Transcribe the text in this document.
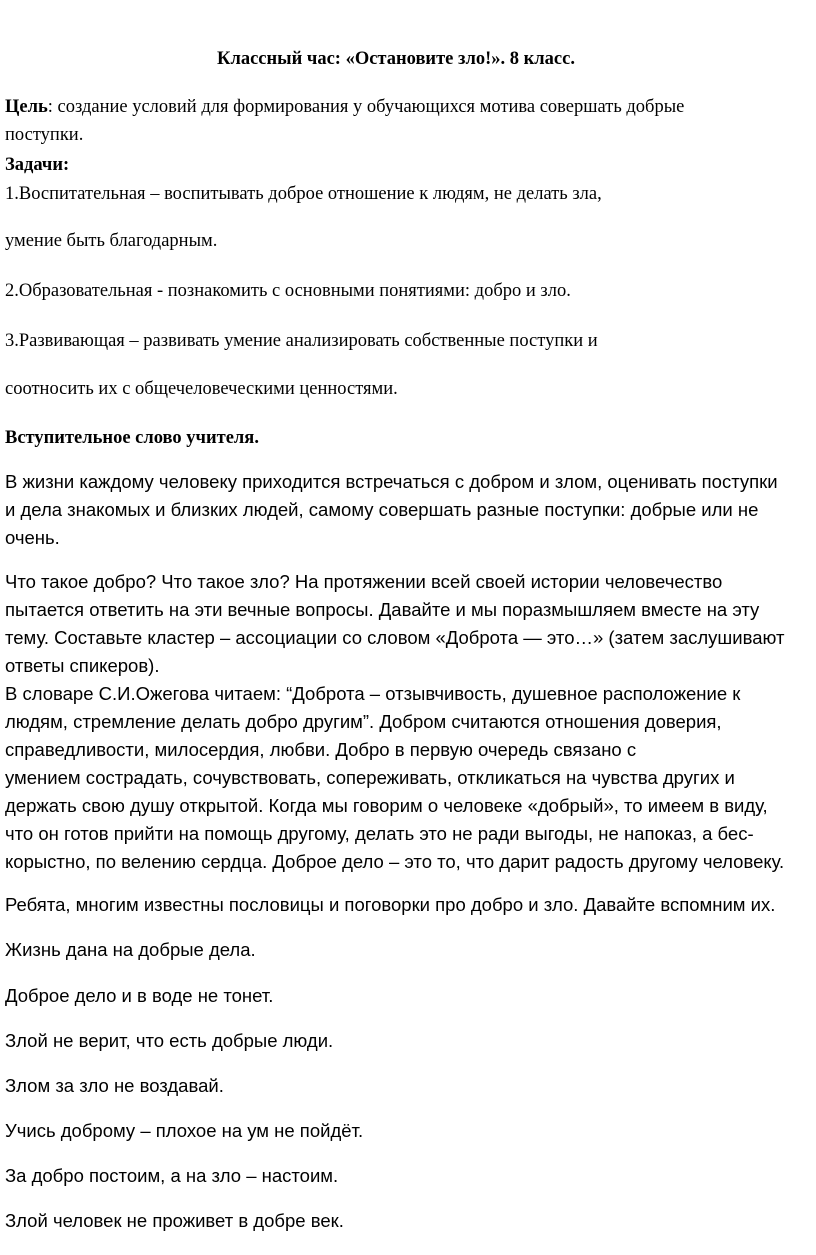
Классный час: «Остановите зло!». 8 класс.

Цель: создание условий для формирования у обучающихся мотива совершать добрые
поступки.

Задачи:
1.Воспитательная – воспитывать доброе отношение к людям, не делать зла,
умение быть благодарным.
2.Образовательная - познакомить с основными понятиями: добро и зло.
3.Развивающая – развивать умение анализировать собственные поступки и
соотносить их с общечеловеческими ценностями.
Вступительное слово учителя.

В жизни каждому человеку приходится встречаться с добром и злом, оценивать поступки
и дела знакомых и близких людей, самому совершать разные поступки: добрые или не
очень.

Что такое добро? Что такое зло? На протяжении всей своей истории человечество
пытается ответить на эти вечные вопросы. Давайте и мы поразмышляем вместе на эту
тему. Составьте кластер – ассоциации со словом «Доброта — это…» (затем заслушивают
ответы спикеров).
В словаре С.И.Ожегова читаем: “Доброта – отзывчивость, душевное расположение к
людям, стремление делать добро другим”. Добром считаются отношения доверия,
справедливости, милосердия, любви. Добро в первую очередь связано с
умением сострадать, сочувствовать, сопереживать, откликаться на чувства других и
держать свою душу открытой. Когда мы говорим о человеке «добрый», то имеем в виду,
что он готов прийти на помощь другому, делать это не ради выгоды, не напоказ, а бес-
корыстно, по велению сердца. Доброе дело – это то, что дарит радость другому человеку.

Ребята, многим известны пословицы и поговорки про добро и зло. Давайте вспомним их.
Жизнь дана на добрые дела.
Доброе дело и в воде не тонет.
Злой не верит, что есть добрые люди.
Злом за зло не воздавай.
Учись доброму – плохое на ум не пойдёт.
За добро постоим, а на зло – настоим.
Злой человек не проживет в добре век.
